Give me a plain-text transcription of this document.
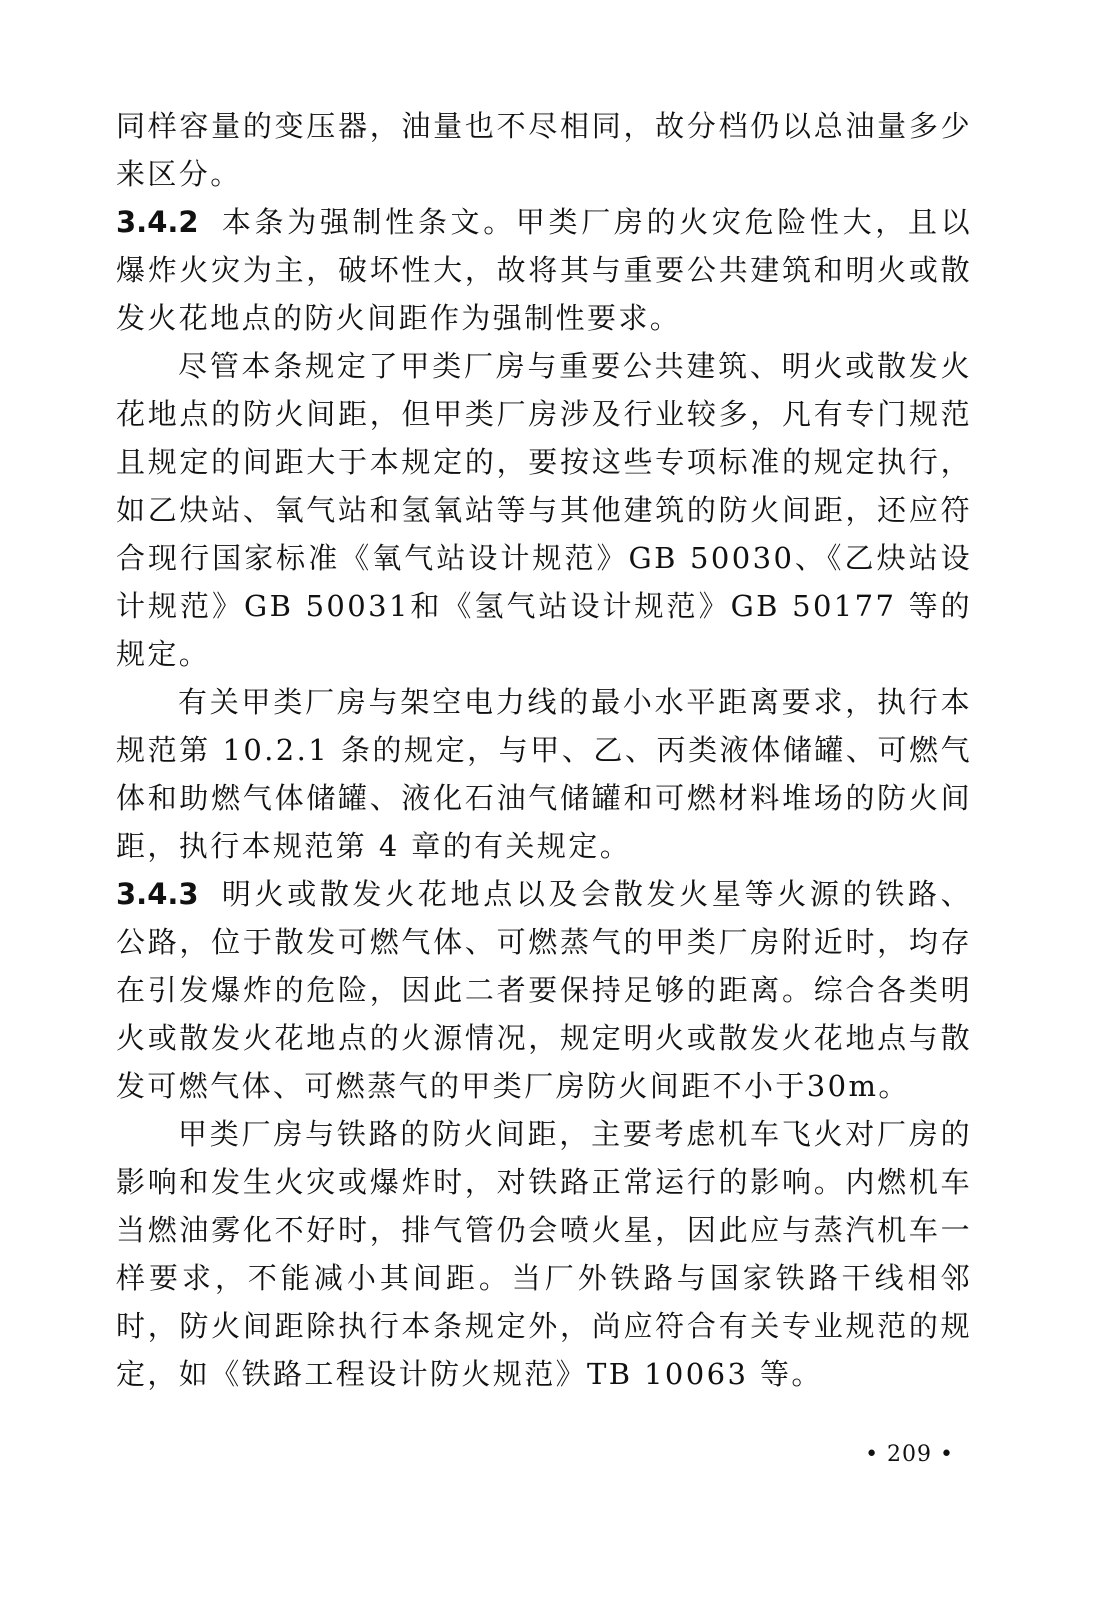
同样容量的变压器，油量也不尽相同，故分档仍以总油量多少来区分。

3.4.2 本条为强制性条文。甲类厂房的火灾危险性大，且以爆炸火灾为主，破坏性大，故将其与重要公共建筑和明火或散发火花地点的防火间距作为强制性要求。

尽管本条规定了甲类厂房与重要公共建筑、明火或散发火花地点的防火间距，但甲类厂房涉及行业较多，凡有专门规范且规定的间距大于本规定的，要按这些专项标准的规定执行，如乙炔站、氧气站和氢氧站等与其他建筑的防火间距，还应符合现行国家标准《氧气站设计规范》GB 50030、《乙炔站设计规范》GB 50031和《氢气站设计规范》GB 50177 等的规定。

有关甲类厂房与架空电力线的最小水平距离要求，执行本规范第 10.2.1 条的规定，与甲、乙、丙类液体储罐、可燃气体和助燃气体储罐、液化石油气储罐和可燃材料堆场的防火间距，执行本规范第 4 章的有关规定。

3.4.3 明火或散发火花地点以及会散发火星等火源的铁路、公路，位于散发可燃气体、可燃蒸气的甲类厂房附近时，均存在引发爆炸的危险，因此二者要保持足够的距离。综合各类明火或散发火花地点的火源情况，规定明火或散发火花地点与散发可燃气体、可燃蒸气的甲类厂房防火间距不小于30m。

甲类厂房与铁路的防火间距，主要考虑机车飞火对厂房的影响和发生火灾或爆炸时，对铁路正常运行的影响。内燃机车当燃油雾化不好时，排气管仍会喷火星，因此应与蒸汽机车一样要求，不能减小其间距。当厂外铁路与国家铁路干线相邻时，防火间距除执行本条规定外，尚应符合有关专业规范的规定，如《铁路工程设计防火规范》TB 10063 等。

• 209 •
